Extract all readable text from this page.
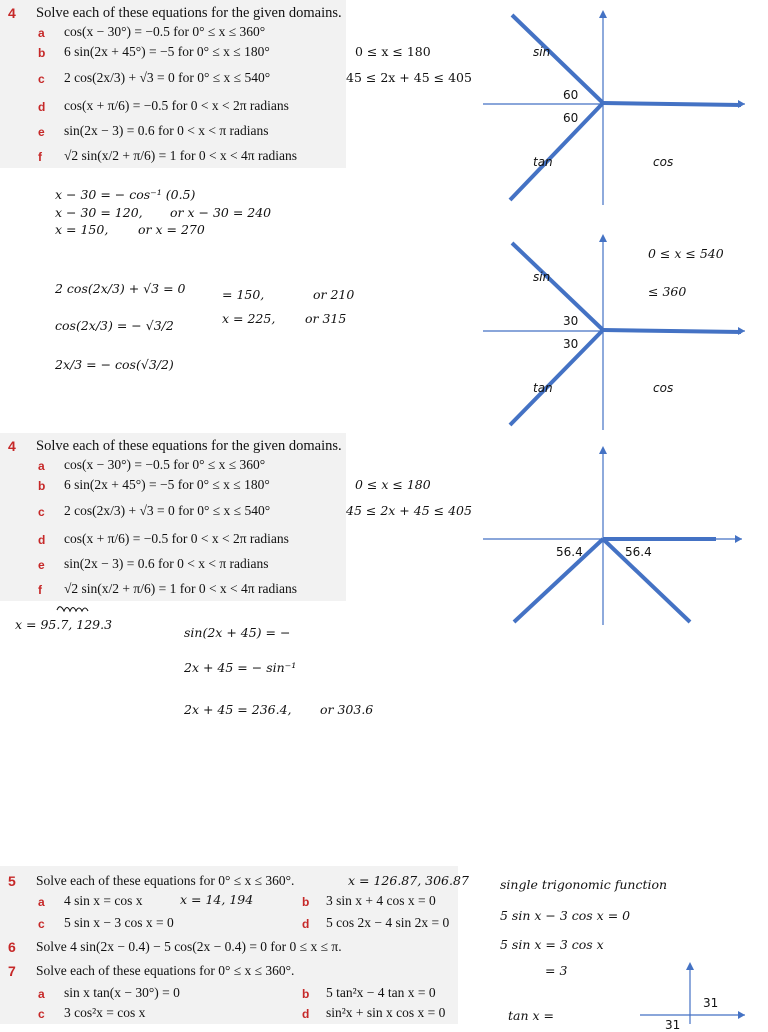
4 Solve each of these equations for the given domains.
a cos(x − 30°) = −0.5 for 0° ≤ x ≤ 360°
b 6 sin(2x + 45°) = −5 for 0° ≤ x ≤ 180°
c 2 cos(2x/3) + √3 = 0 for 0° ≤ x ≤ 540°
d cos(x + π/6) = −0.5 for 0 < x < 2π radians
e sin(2x − 3) = 0.6 for 0 < x < π radians
f √2 sin(x/2 + π/6) = 1 for 0 < x < 4π radians
0 ≤ x ≤ 180
45 ≤ 2x + 45 ≤ 405
x − 30 = − cos⁻¹ (0.5)
x − 30 = 120, or x − 30 = 240
x = 150, or x = 270
sin
60
60
tan	cos
2 cos(2x/3) + √3 = 0
cos(2x/3) = − √3/2
2x/3 = − cos(√3/2)
= 150,	or 210
x = 225, or 315
0 ≤ x ≤ 540
≤ 360
sin
30
30
tan	cos
4 Solve each of these equations for the given domains.
a cos(x − 30°) = −0.5 for 0° ≤ x ≤ 360°
b 6 sin(2x + 45°) = −5 for 0° ≤ x ≤ 180°
c 2 cos(2x/3) + √3 = 0 for 0° ≤ x ≤ 540°
d cos(x + π/6) = −0.5 for 0 < x < 2π radians
e sin(2x − 3) = 0.6 for 0 < x < π radians
f √2 sin(x/2 + π/6) = 1 for 0 < x < 4π radians
0 ≤ x ≤ 180
45 ≤ 2x + 45 ≤ 405
x = 95.7, 129.3
sin(2x + 45) = −
2x + 45 = − sin⁻¹
2x + 45 = 236.4, or 303.6
56.4	56.4
5 Solve each of these equations for 0° ≤ x ≤ 360°.
a 4 sin x = cos x	b 3 sin x + 4 cos x = 0
c 5 sin x − 3 cos x = 0	d 5 cos 2x − 4 sin 2x = 0
6 Solve 4 sin(2x − 0.4) − 5 cos(2x − 0.4) = 0 for 0 ≤ x ≤ π.
7 Solve each of these equations for 0° ≤ x ≤ 360°.
a sin x tan(x − 30°) = 0	b 5 tan²x − 4 tan x = 0
c 3 cos²x = cos x	d sin²x + sin x cos x = 0
x = 126.87, 306.87
x = 14, 194
single trigonomic function
5 sin x − 3 cos x = 0
5 sin x = 3 cos x
= 3
tan x =
31
31
